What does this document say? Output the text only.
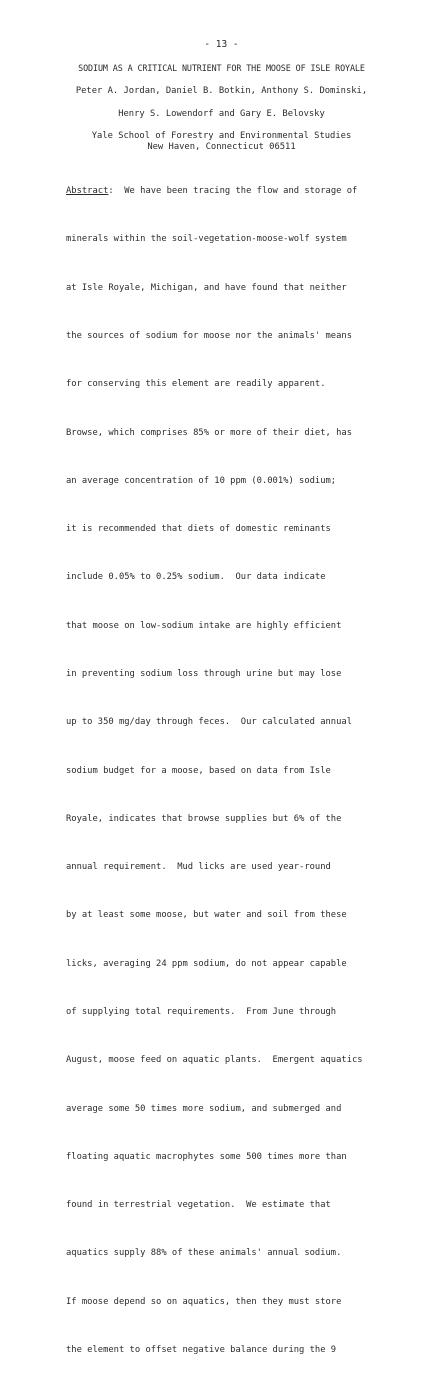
- 13 -
SODIUM AS A CRITICAL NUTRIENT FOR THE MOOSE OF ISLE ROYALE
Peter A. Jordan, Daniel B. Botkin, Anthony S. Dominski,
Henry S. Lowendorf and Gary E. Belovsky
Yale School of Forestry and Environmental Studies
New Haven, Connecticut 06511

Abstract:  We have been tracing the flow and storage of

minerals within the soil-vegetation-moose-wolf system

at Isle Royale, Michigan, and have found that neither

the sources of sodium for moose nor the animals' means

for conserving this element are readily apparent.

Browse, which comprises 85% or more of their diet, has

an average concentration of 10 ppm (0.001%) sodium;

it is recommended that diets of domestic reminants

include 0.05% to 0.25% sodium.  Our data indicate

that moose on low-sodium intake are highly efficient

in preventing sodium loss through urine but may lose

up to 350 mg/day through feces.  Our calculated annual

sodium budget for a moose, based on data from Isle

Royale, indicates that browse supplies but 6% of the

annual requirement.  Mud licks are used year-round

by at least some moose, but water and soil from these

licks, averaging 24 ppm sodium, do not appear capable

of supplying total requirements.  From June through

August, moose feed on aquatic plants.  Emergent aquatics

average some 50 times more sodium, and submerged and

floating aquatic macrophytes some 500 times more than

found in terrestrial vegetation.  We estimate that

aquatics supply 88% of these animals' annual sodium.

If moose depend so on aquatics, then they must store

the element to offset negative balance during the 9
